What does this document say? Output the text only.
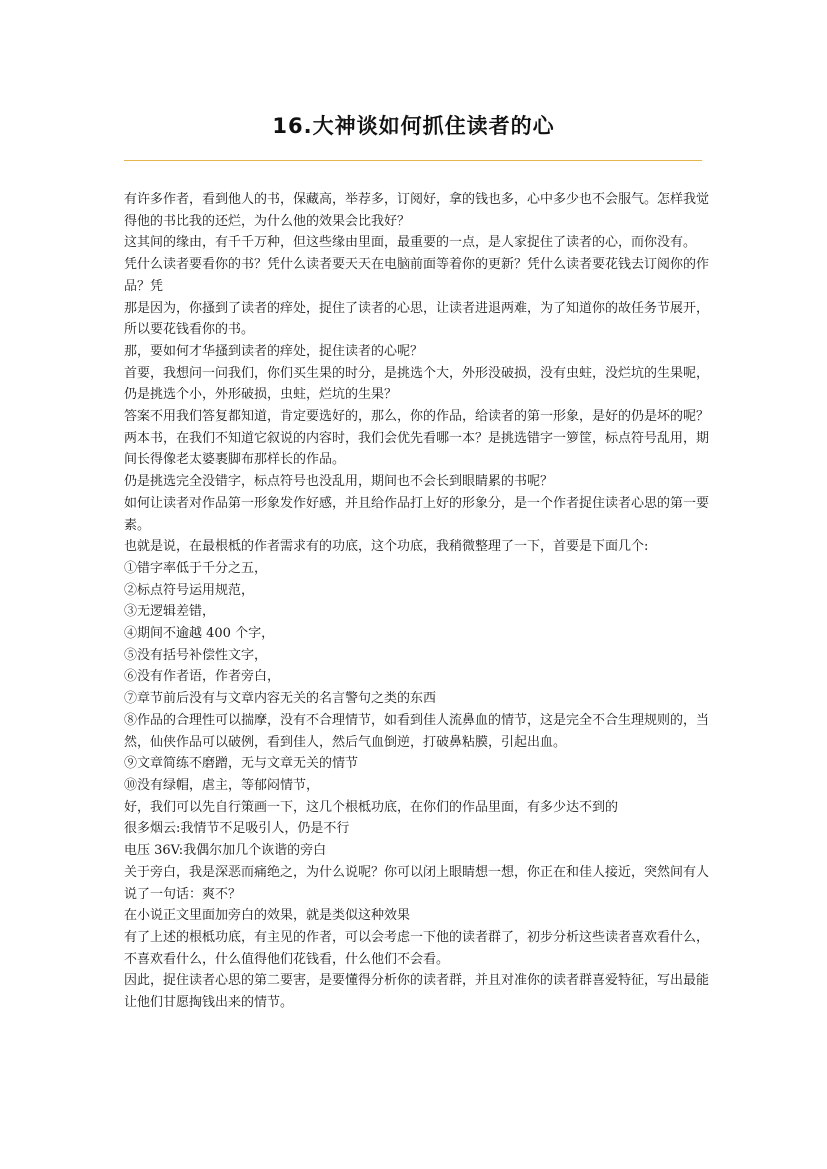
16.大神谈如何抓住读者的心

有许多作者，看到他人的书，保藏高，举荐多，订阅好，拿的钱也多，心中多少也不会服气。怎样我觉得他的书比我的还烂，为什么他的效果会比我好？

这其间的缘由，有千千万种，但这些缘由里面，最重要的一点，是人家捉住了读者的心，而你没有。

凭什么读者要看你的书？凭什么读者要天天在电脑前面等着你的更新？凭什么读者要花钱去订阅你的作品？凭

那是因为，你搔到了读者的痒处，捉住了读者的心思，让读者进退两难，为了知道你的故任务节展开，所以要花钱看你的书。

那，要如何才华搔到读者的痒处，捉住读者的心呢？

首要，我想问一问我们，你们买生果的时分，是挑选个大，外形没破损，没有虫蛀，没烂坑的生果呢，仍是挑选个小，外形破损，虫蛀，烂坑的生果？

答案不用我们答复都知道，肯定要选好的，那么，你的作品，给读者的第一形象，是好的仍是坏的呢？

两本书，在我们不知道它叙说的内容时，我们会优先看哪一本？是挑选错字一箩筐，标点符号乱用，期间长得像老太婆裹脚布那样长的作品。

仍是挑选完全没错字，标点符号也没乱用，期间也不会长到眼睛累的书呢？

如何让读者对作品第一形象发作好感，并且给作品打上好的形象分，是一个作者捉住读者心思的第一要素。

也就是说，在最根柢的作者需求有的功底，这个功底，我稍微整理了一下，首要是下面几个:

①错字率低于千分之五，

②标点符号运用规范，

③无逻辑差错，

④期间不逾越 400 个字，

⑤没有括号补偿性文字，

⑥没有作者语，作者旁白，

⑦章节前后没有与文章内容无关的名言警句之类的东西

⑧作品的合理性可以揣摩，没有不合理情节，如看到佳人流鼻血的情节，这是完全不合生理规则的，当然，仙侠作品可以破例，看到佳人，然后气血倒逆，打破鼻粘膜，引起出血。

⑨文章简练不磨蹭，无与文章无关的情节

⑩没有绿帽，虐主，等郁闷情节，

好，我们可以先自行策画一下，这几个根柢功底，在你们的作品里面，有多少达不到的

很多烟云:我情节不足吸引人，仍是不行

电压 36V:我偶尔加几个诙谐的旁白

关于旁白，我是深恶而痛绝之，为什么说呢？你可以闭上眼睛想一想，你正在和佳人接近，突然间有人说了一句话：爽不？

在小说正文里面加旁白的效果，就是类似这种效果

有了上述的根柢功底，有主见的作者，可以会考虑一下他的读者群了，初步分析这些读者喜欢看什么，不喜欢看什么，什么值得他们花钱看，什么他们不会看。

因此，捉住读者心思的第二要害，是要懂得分析你的读者群，并且对准你的读者群喜爱特征，写出最能让他们甘愿掏钱出来的情节。
